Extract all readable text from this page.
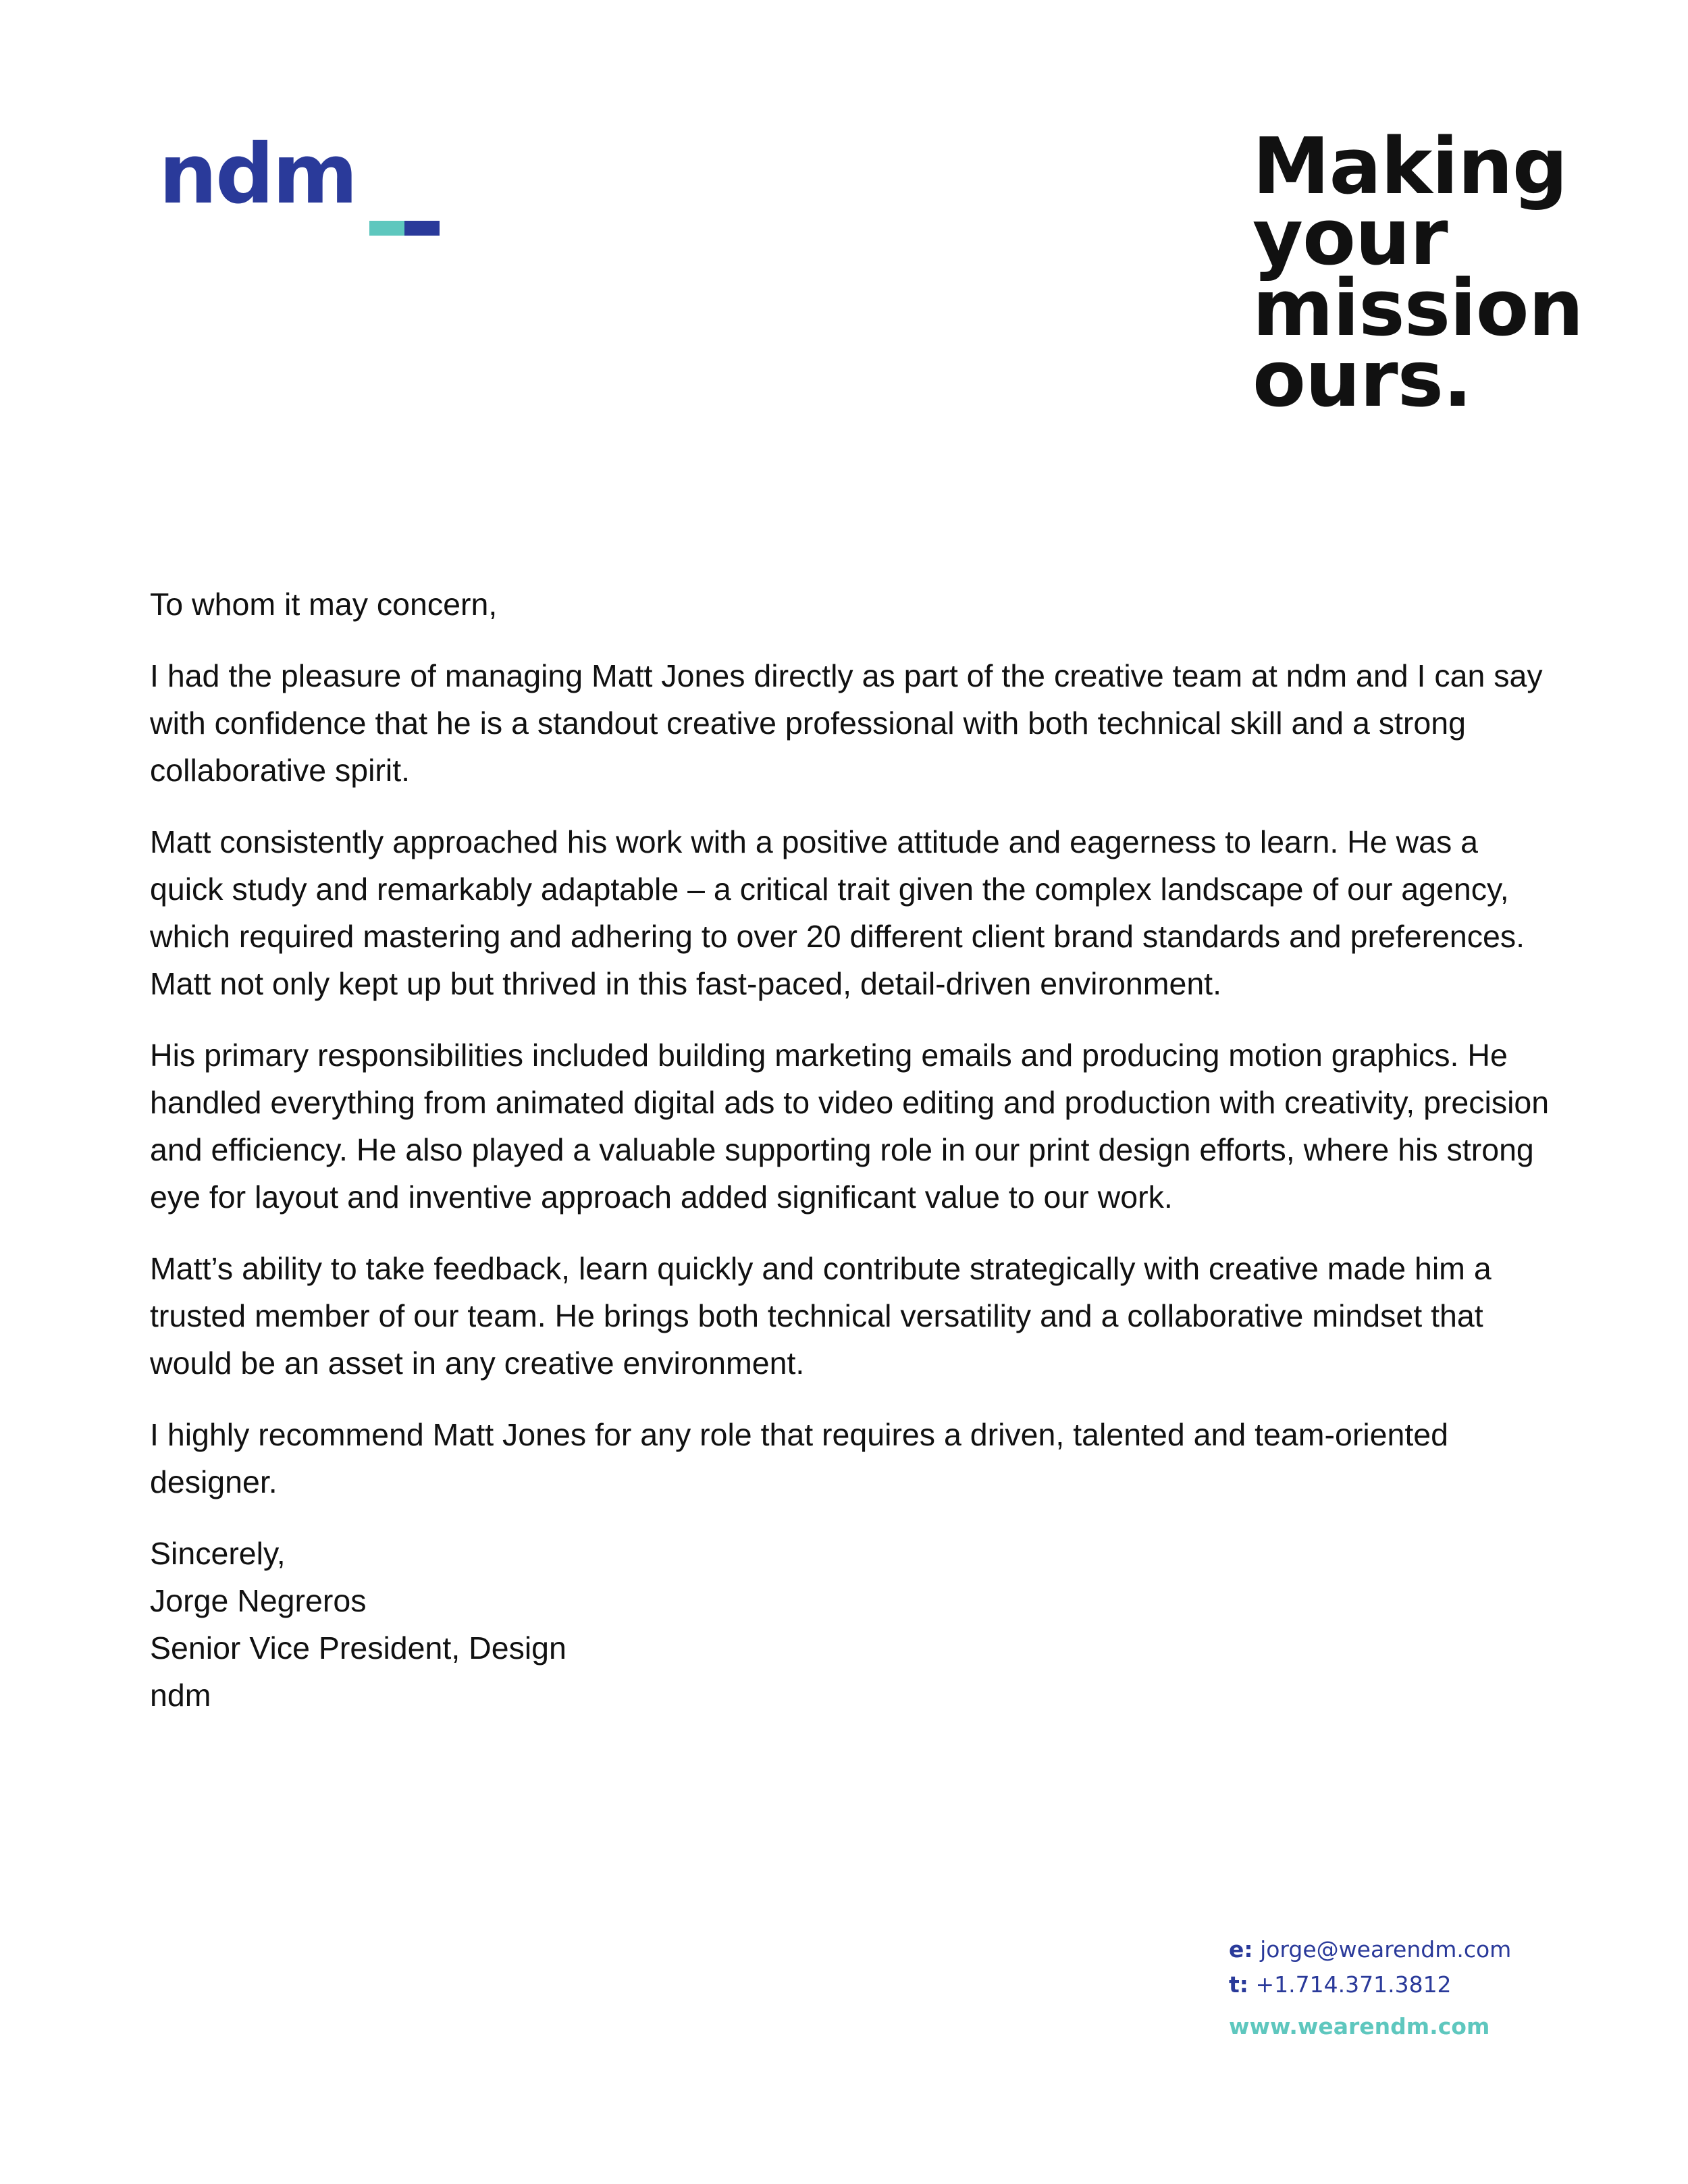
ndm	Making
your
mission
ours.

To whom it may concern,

I had the pleasure of managing Matt Jones directly as part of the creative team at ndm and I can say with confidence that he is a standout creative professional with both technical skill and a strong collaborative spirit.

Matt consistently approached his work with a positive attitude and eagerness to learn. He was a quick study and remarkably adaptable – a critical trait given the complex landscape of our agency, which required mastering and adhering to over 20 different client brand standards and preferences. Matt not only kept up but thrived in this fast-paced, detail-driven environment.

His primary responsibilities included building marketing emails and producing motion graphics. He handled everything from animated digital ads to video editing and production with creativity, precision and efficiency. He also played a valuable supporting role in our print design efforts, where his strong eye for layout and inventive approach added significant value to our work.

Matt’s ability to take feedback, learn quickly and contribute strategically with creative made him a trusted member of our team. He brings both technical versatility and a collaborative mindset that would be an asset in any creative environment.

I highly recommend Matt Jones for any role that requires a driven, talented and team-oriented designer.

Sincerely,
Jorge Negreros
Senior Vice President, Design
ndm
e: jorge@wearendm.com
t: +1.714.371.3812
www.wearendm.com
